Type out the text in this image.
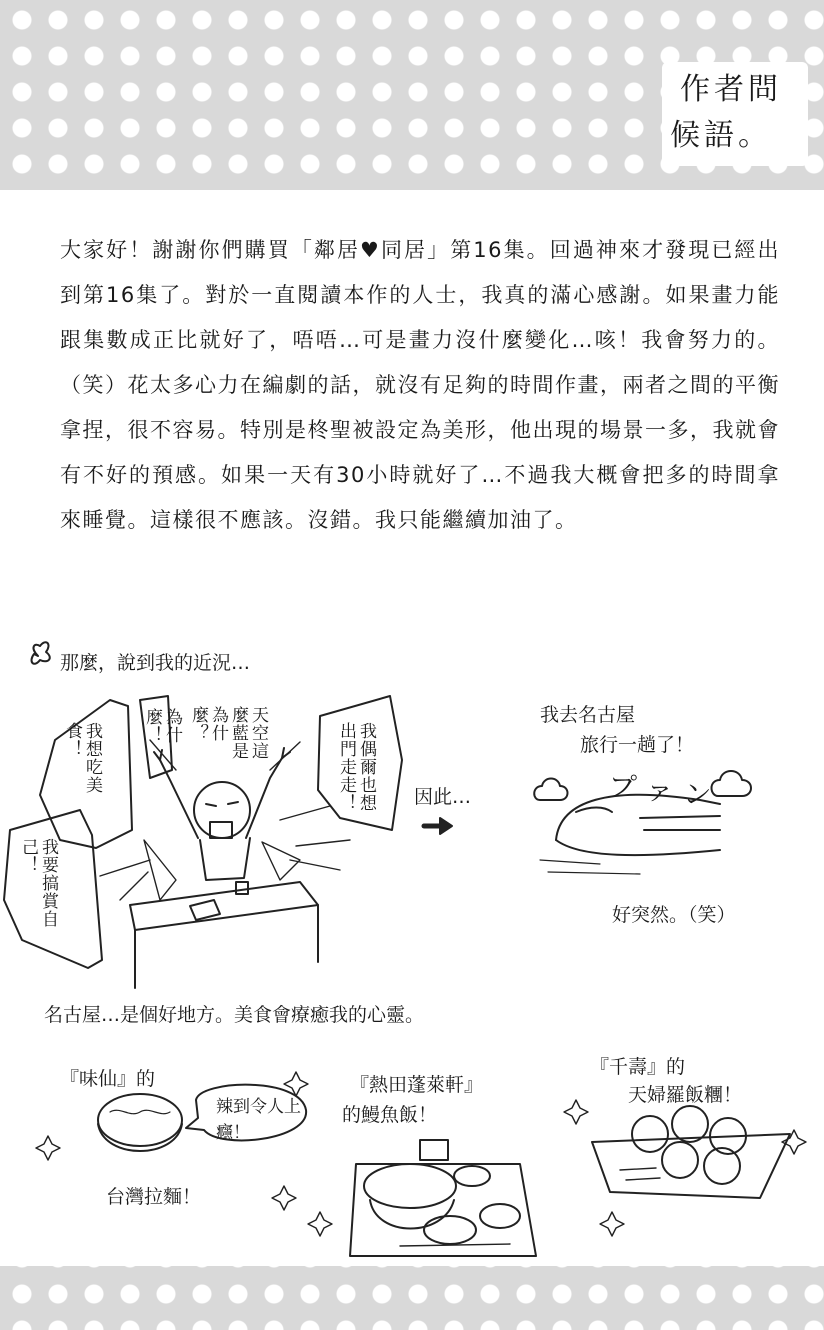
作者問
候語。
大家好！謝謝你們購買「鄰居♥同居」第16集。回過神來才發現已經出到第16集了。對於一直閱讀本作的人士，我真的滿心感謝。如果畫力能跟集數成正比就好了，唔唔…可是畫力沒什麼變化…咳！我會努力的。（笑）花太多心力在編劇的話，就沒有足夠的時間作畫，兩者之間的平衡拿捏，很不容易。特別是柊聖被設定為美形，他出現的場景一多，我就會有不好的預感。如果一天有30小時就好了…不過我大概會把多的時間拿來睡覺。這樣很不應該。沒錯。我只能繼續加油了。
那麼，說到我的近況…
我想吃美食！	為什麼！	天空這麼藍是為什麼？	我偶爾也想出門走走！
我要搞賞自己！
因此…
我去名古屋
旅行一趟了！
プァン
好突然。（笑）
名古屋…是個好地方。美食會療癒我的心靈。
『味仙』的
辣到令人上癮！
台灣拉麵！
『熱田蓬萊軒』
的鰻魚飯！
『千壽』的
天婦羅飯糰！
